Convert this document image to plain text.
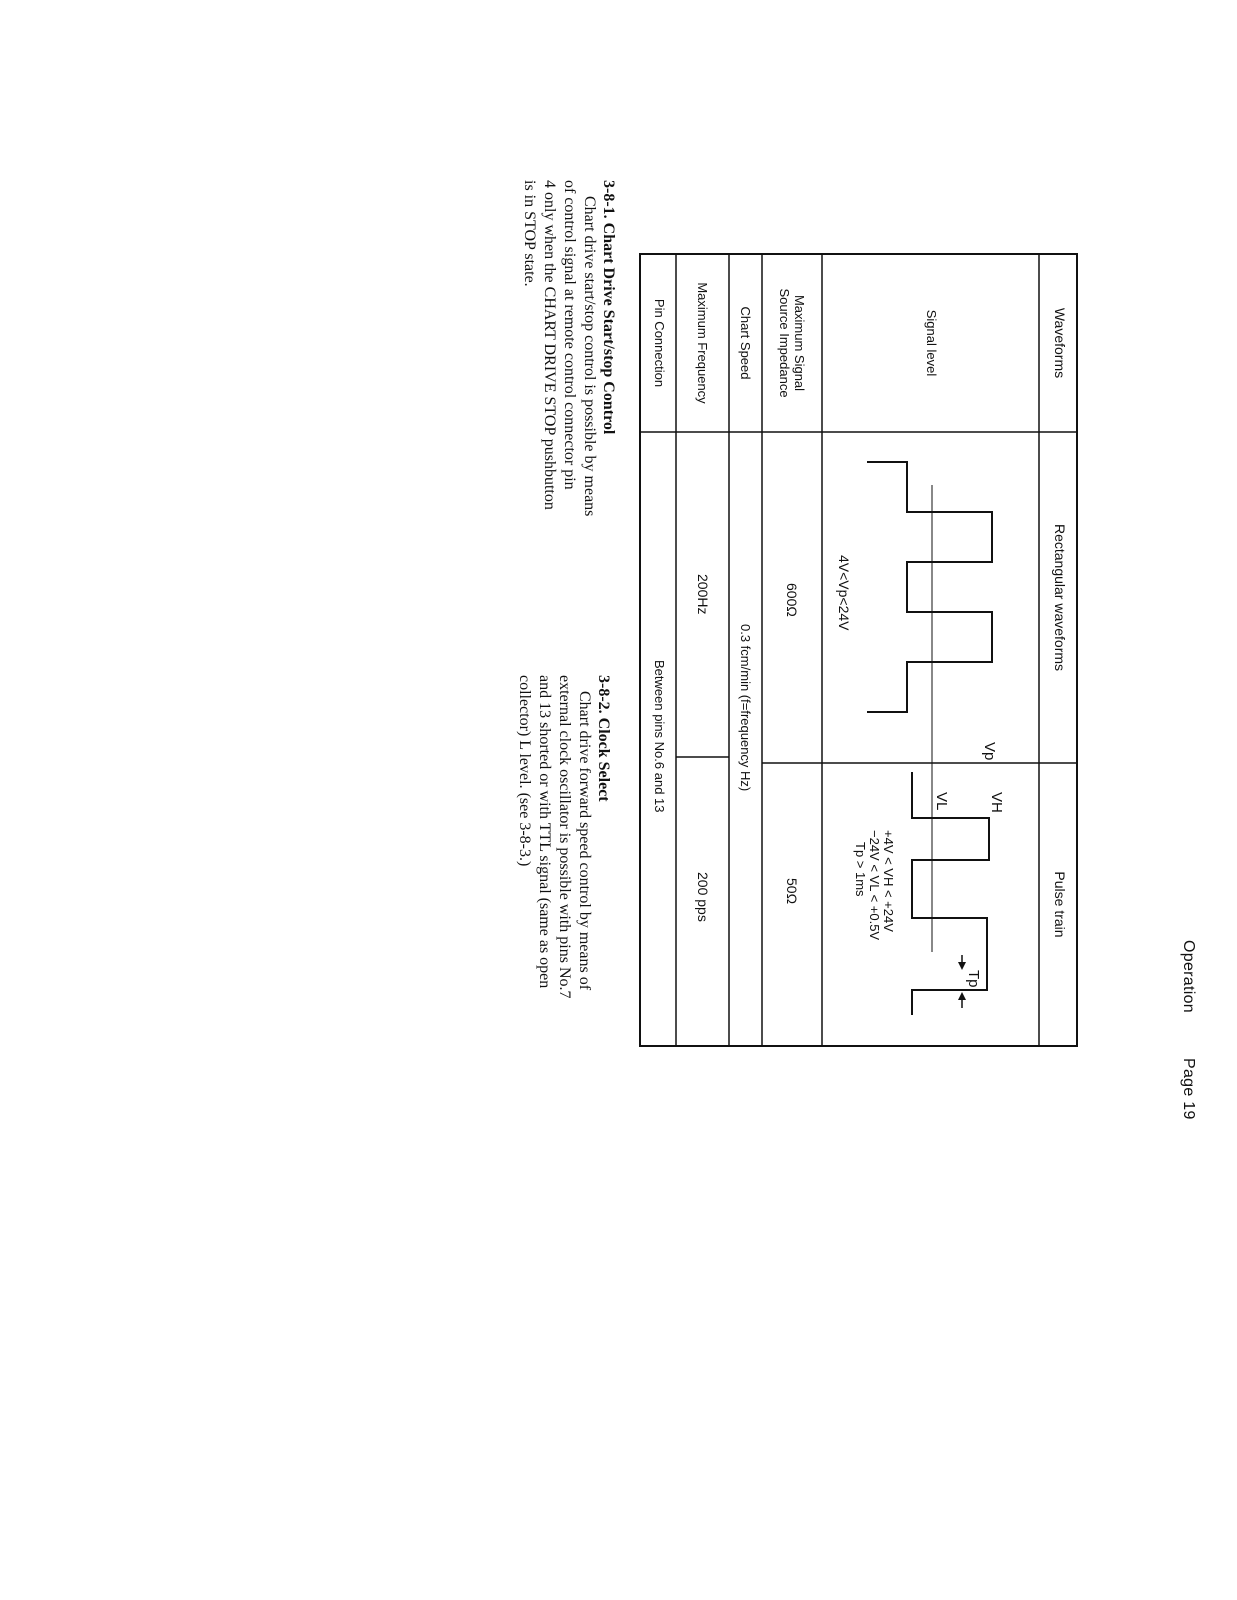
Operation
Page 19
Vp
VH
VL
Tp
Waveforms
Rectangular waveforms
Pulse train
Signal level
4V<Vp<24V
+4V < VH < +24V
−24V < VL < +0.5V
Tp > 1ms
Maximum Signal
Source Impedance
600Ω
50Ω
Chart Speed
0.3 fcm/min (f=frequency Hz)
Maximum Frequency
200Hz
200 pps
Pin Connection
Between pins No.6 and 13
3-8-1. Chart Drive Start/stop Control
Chart drive start/stop control is possible by means
of control signal at remote control connector pin
4 only when the CHART DRIVE STOP pushbutton
is in STOP state.
3-8-2. Clock Select
Chart drive forward speed control by means of
external clock oscillator is possible with pins No.7
and 13 shorted or with TTL signal (same as open
collector) L level. (see 3-8-3.)
